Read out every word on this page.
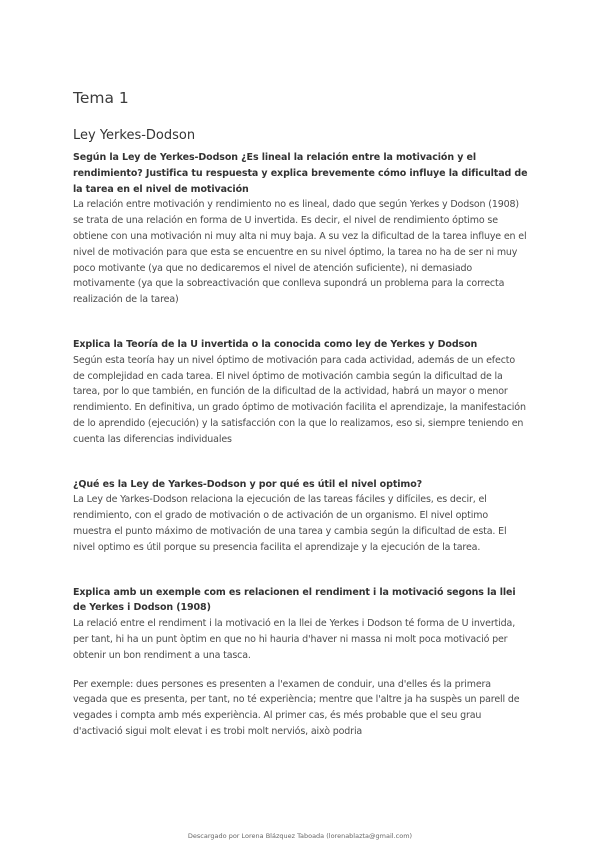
Tema 1
Ley Yerkes-Dodson

Según la Ley de Yerkes-Dodson ¿Es lineal la relación entre la motivación y el rendimiento? Justifica tu respuesta y explica brevemente cómo influye la dificultad de la tarea en el nivel de motivación

La relación entre motivación y rendimiento no es lineal, dado que según Yerkes y Dodson (1908) se trata de una relación en forma de U invertida. Es decir, el nivel de rendimiento óptimo se obtiene con una motivación ni muy alta ni muy baja. A su vez la dificultad de la tarea influye en el nivel de motivación para que esta se encuentre en su nivel óptimo, la tarea no ha de ser ni muy poco motivante (ya que no dedicaremos el nivel de atención suficiente), ni demasiado motivamente (ya que la sobreactivación que conlleva supondrá un problema para la correcta realización de la tarea)

Explica la Teoría de la U invertida o la conocida como ley de Yerkes y Dodson

Según esta teoría hay un nivel óptimo de motivación para cada actividad, además de un efecto de complejidad en cada tarea. El nivel óptimo de motivación cambia según la dificultad de la tarea, por lo que también, en función de la dificultad de la actividad, habrá un mayor o menor rendimiento. En definitiva, un grado óptimo de motivación facilita el aprendizaje, la manifestación de lo aprendido (ejecución) y la satisfacción con la que lo realizamos, eso si, siempre teniendo en cuenta las diferencias individuales

¿Qué es la Ley de Yarkes-Dodson y por qué es útil el nivel optimo?

La Ley de Yarkes-Dodson relaciona la ejecución de las tareas fáciles y difíciles, es decir, el rendimiento, con el grado de motivación o de activación de un organismo. El nivel optimo muestra el punto máximo de motivación de una tarea y cambia según la dificultad de esta. El nivel optimo es útil porque su presencia facilita el aprendizaje y la ejecución de la tarea.

Explica amb un exemple com es relacionen el rendiment i la motivació segons la llei de Yerkes i Dodson (1908)

La relació entre el rendiment i la motivació en la llei de Yerkes i Dodson té forma de U invertida, per tant, hi ha un punt òptim en que no hi hauria d'haver ni massa ni molt poca motivació per obtenir un bon rendiment a una tasca.

Per exemple: dues persones es presenten a l'examen de conduir, una d'elles és la primera vegada que es presenta, per tant, no té experiència; mentre que l'altre ja ha suspès un parell de vegades i compta amb més experiència. Al primer cas, és més probable que el seu grau d'activació sigui molt elevat i es trobi molt nerviós, això podria

Descargado por Lorena Blázquez Taboada (lorenablazta@gmail.com)
